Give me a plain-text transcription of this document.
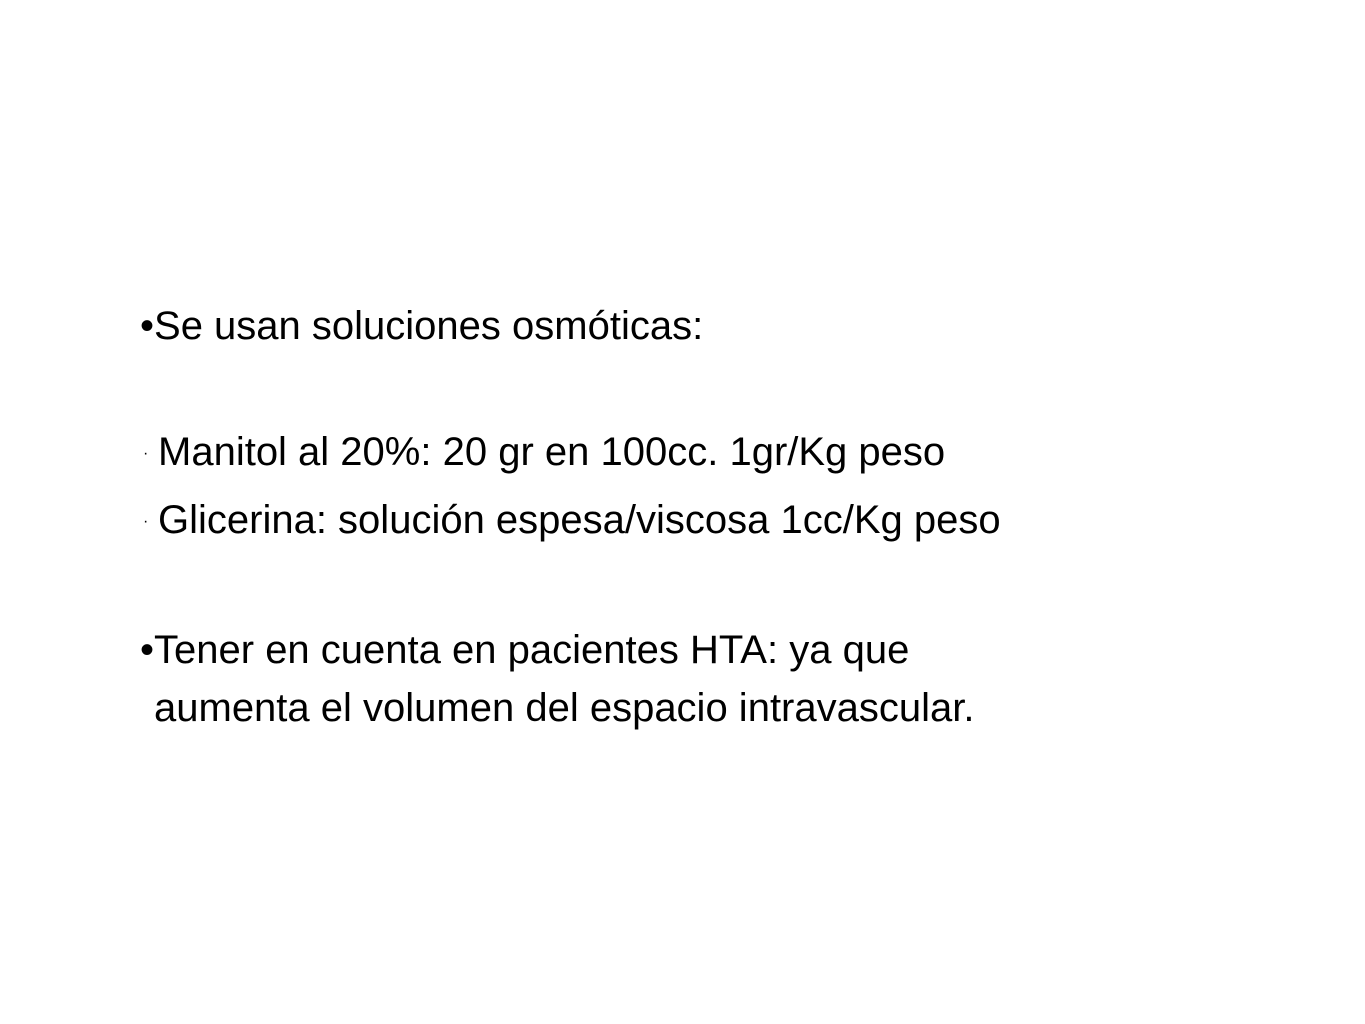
•Se usan soluciones osmóticas:
· Manitol al 20%: 20 gr en 100cc. 1gr/Kg peso
· Glicerina: solución espesa/viscosa 1cc/Kg peso
•Tener en cuenta en pacientes HTA: ya que
aumenta el volumen del espacio intravascular.
